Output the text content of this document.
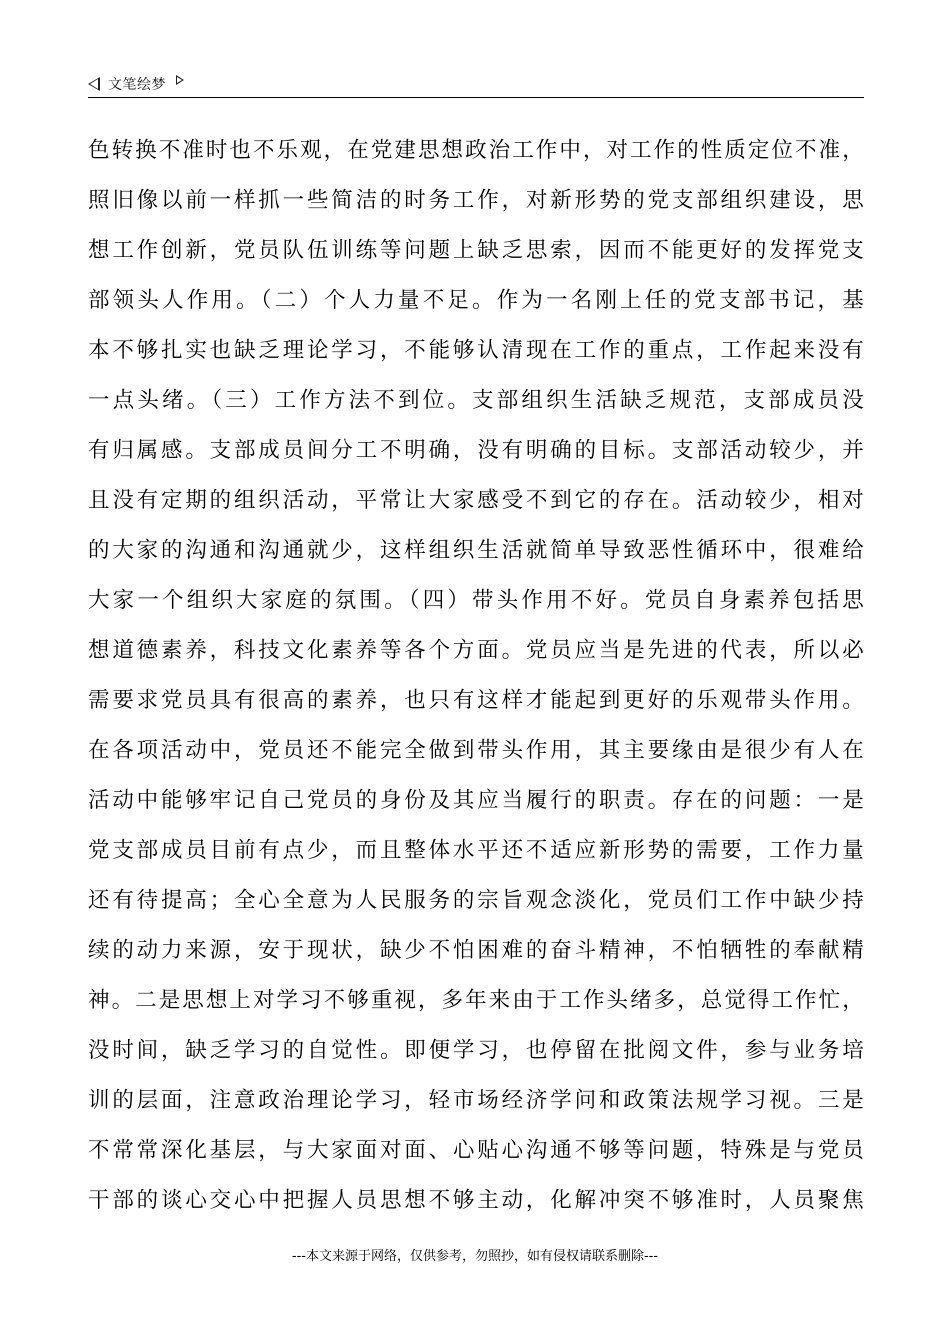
文笔绘梦
色转换不准时也不乐观，在党建思想政治工作中，对工作的性质定位不准，
照旧像以前一样抓一些简洁的时务工作，对新形势的党支部组织建设，思
想工作创新，党员队伍训练等问题上缺乏思索，因而不能更好的发挥党支
部领头人作用。（二）个人力量不足。作为一名刚上任的党支部书记，基
本不够扎实也缺乏理论学习，不能够认清现在工作的重点，工作起来没有
一点头绪。（三）工作方法不到位。支部组织生活缺乏规范，支部成员没
有归属感。支部成员间分工不明确，没有明确的目标。支部活动较少，并
且没有定期的组织活动，平常让大家感受不到它的存在。活动较少，相对
的大家的沟通和沟通就少，这样组织生活就简单导致恶性循环中，很难给
大家一个组织大家庭的氛围。（四）带头作用不好。党员自身素养包括思
想道德素养，科技文化素养等各个方面。党员应当是先进的代表，所以必
需要求党员具有很高的素养，也只有这样才能起到更好的乐观带头作用。
在各项活动中，党员还不能完全做到带头作用，其主要缘由是很少有人在
活动中能够牢记自己党员的身份及其应当履行的职责。存在的问题：一是
党支部成员目前有点少，而且整体水平还不适应新形势的需要，工作力量
还有待提高；全心全意为人民服务的宗旨观念淡化，党员们工作中缺少持
续的动力来源，安于现状，缺少不怕困难的奋斗精神，不怕牺牲的奉献精
神。二是思想上对学习不够重视，多年来由于工作头绪多，总觉得工作忙，
没时间，缺乏学习的自觉性。即便学习，也停留在批阅文件，参与业务培
训的层面，注意政治理论学习，轻市场经济学问和政策法规学习视。三是
不常常深化基层，与大家面对面、心贴心沟通不够等问题，特殊是与党员
干部的谈心交心中把握人员思想不够主动，化解冲突不够准时，人员聚焦
---本文来源于网络，仅供参考，勿照抄，如有侵权请联系删除---
